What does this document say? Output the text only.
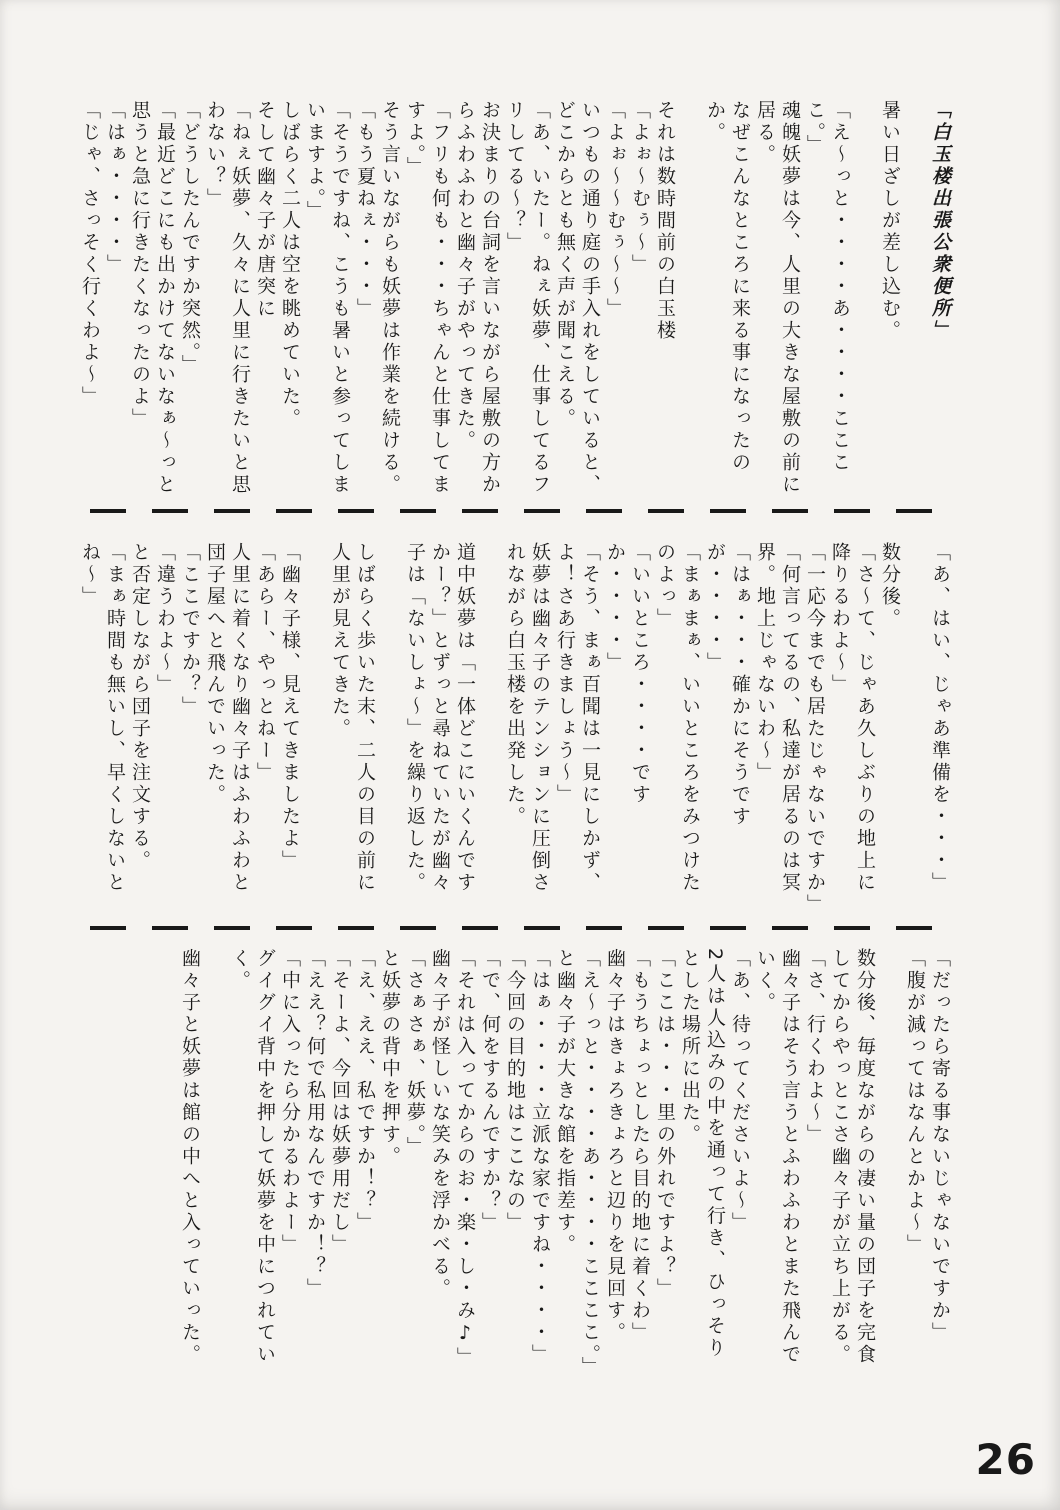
「白玉楼出張公衆便所」
暑い日ざしが差し込む。
「え～っと・・・・あ・・・・ここここ。」
魂魄妖夢は今、人里の大きな屋敷の前に居る。
なぜこんなところに来る事になったのか。
それは数時間前の白玉楼
「よぉ～むぅ～」
「よぉ～～むぅ～～」
いつもの通り庭の手入れをしていると、どこからとも無く声が聞こえる。
「あ、いたー。ねぇ妖夢、仕事してるフリしてる～？」
お決まりの台詞を言いながら屋敷の方からふわふわと幽々子がやってきた。
「フリも何も・・・ちゃんと仕事してますよ。」
そう言いながらも妖夢は作業を続ける。
「もう夏ねぇ・・・」
「そうですね、こうも暑いと参ってしまいますよ。」
しばらく二人は空を眺めていた。
そして幽々子が唐突に
「ねぇ妖夢、久々に人里に行きたいと思わない？」
「どうしたんですか突然。」
「最近どこにも出かけてないなぁ～っと思うと急に行きたくなったのよ」
「はぁ・・・・」
「じゃ、さっそく行くわよ～」
「あ、はい、じゃあ準備を・・・」
数分後。
「さ～て、じゃあ久しぶりの地上に降りるわよ～」
「一応今までも居たじゃないですか」
「何言ってるの、私達が居るのは冥界。地上じゃないわ～」
「はぁ・・・確かにそうですが・・・・」
「まぁまぁ、いいところをみつけたのよっ」
「いいところ・・・・ですか・・・・」
「そう、まぁ百聞は一見にしかず、よ！さあ行きましょう～」
妖夢は幽々子のテンションに圧倒されながら白玉楼を出発した。
道中妖夢は「一体どこにいくんですかー？」とずっと尋ねていたが幽々子は「ないしょ～」を繰り返した。
しばらく歩いた末、二人の目の前に人里が見えてきた。
「幽々子様、見えてきましたよ」
「あらー、やっとねー」
人里に着くなり幽々子はふわふわと団子屋へと飛んでいった。
「ここですか？」
「違うわよ～」
と否定しながら団子を注文する。
「まぁ時間も無いし、早くしないとね～」
「だったら寄る事ないじゃないですか」
「腹が減ってはなんとかよ～」
数分後、毎度ながらの凄い量の団子を完食してからやっとこさ幽々子が立ち上がる。
「さ、行くわよ～」
幽々子はそう言うとふわふわとまた飛んでいく。
「あ、待ってくださいよ～」
2人は人込みの中を通って行き、ひっそりとした場所に出た。
「ここは・・・里の外れですよ？」
「もうちょっとしたら目的地に着くわ」
幽々子はきょろきょろと辺りを見回す。
「え～っと・・・・あ・・・・ここここ。」
と幽々子が大きな館を指差す。
「はぁ・・・・立派な家ですね・・・・」
「今回の目的地はここなの」
「で、何をするんですか？」
「それは入ってからのお・楽・し・み♪」
幽々子が怪しいな笑みを浮かべる。
「さぁさぁ、妖夢。」
と妖夢の背中を押す。
「え、ええ、私ですか！？」
「そーよ、今回は妖夢用だし」
「ええ？何で私用なんですか！？」
「中に入ったら分かるわよー」
グイグイ背中を押して妖夢を中につれていく。
幽々子と妖夢は館の中へと入っていった。
26
